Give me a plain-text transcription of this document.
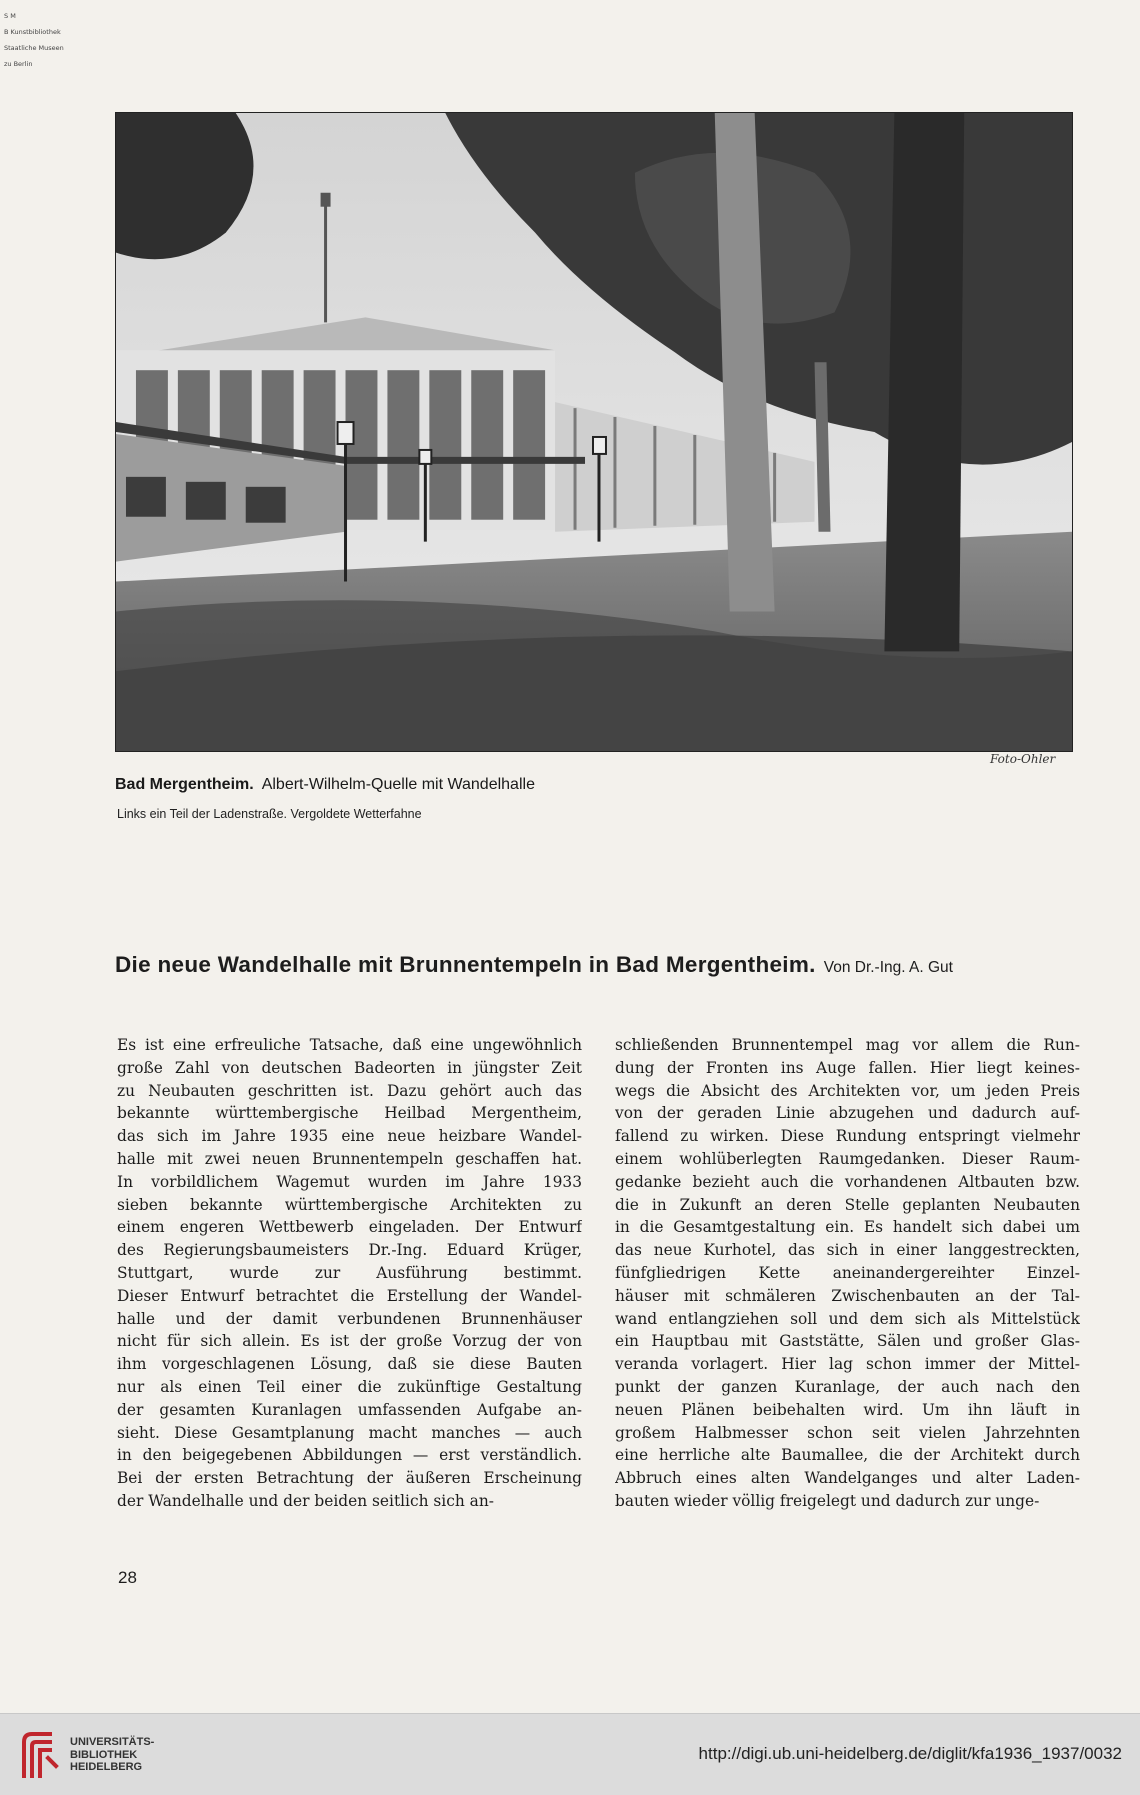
S M

B Kunstbibliothek

Staatliche Museen

zu Berlin

Foto-Ohler
Bad Mergentheim. Albert-Wilhelm-Quelle mit Wandelhalle
Links ein Teil der Ladenstraße. Vergoldete Wetterfahne
Die neue Wandelhalle mit Brunnentempeln in Bad Mergentheim. Von Dr.-Ing. A. Gut
Es ist eine erfreuliche Tatsache, daß eine ungewöhnlich
große Zahl von deutschen Badeorten in jüngster Zeit
zu Neubauten geschritten ist. Dazu gehört auch das
bekannte württembergische Heilbad Mergentheim,
das sich im Jahre 1935 eine neue heizbare Wandel-
halle mit zwei neuen Brunnentempeln geschaffen hat.
In vorbildlichem Wagemut wurden im Jahre 1933
sieben bekannte württembergische Architekten zu
einem engeren Wettbewerb eingeladen. Der Entwurf
des Regierungsbaumeisters Dr.-Ing. Eduard Krüger,
Stuttgart, wurde zur Ausführung bestimmt.
Dieser Entwurf betrachtet die Erstellung der Wandel-
halle und der damit verbundenen Brunnenhäuser
nicht für sich allein. Es ist der große Vorzug der von
ihm vorgeschlagenen Lösung, daß sie diese Bauten
nur als einen Teil einer die zukünftige Gestaltung
der gesamten Kuranlagen umfassenden Aufgabe an-
sieht. Diese Gesamtplanung macht manches — auch
in den beigegebenen Abbildungen — erst verständlich.
Bei der ersten Betrachtung der äußeren Erscheinung
der Wandelhalle und der beiden seitlich sich an-
schließenden Brunnentempel mag vor allem die Run-
dung der Fronten ins Auge fallen. Hier liegt keines-
wegs die Absicht des Architekten vor, um jeden Preis
von der geraden Linie abzugehen und dadurch auf-
fallend zu wirken. Diese Rundung entspringt vielmehr
einem wohlüberlegten Raumgedanken. Dieser Raum-
gedanke bezieht auch die vorhandenen Altbauten bzw.
die in Zukunft an deren Stelle geplanten Neubauten
in die Gesamtgestaltung ein. Es handelt sich dabei um
das neue Kurhotel, das sich in einer langgestreckten,
fünfgliedrigen Kette aneinandergereihter Einzel-
häuser mit schmäleren Zwischenbauten an der Tal-
wand entlangziehen soll und dem sich als Mittelstück
ein Hauptbau mit Gaststätte, Sälen und großer Glas-
veranda vorlagert. Hier lag schon immer der Mittel-
punkt der ganzen Kuranlage, der auch nach den
neuen Plänen beibehalten wird. Um ihn läuft in
großem Halbmesser schon seit vielen Jahrzehnten
eine herrliche alte Baumallee, die der Architekt durch
Abbruch eines alten Wandelganges und alter Laden-
bauten wieder völlig freigelegt und dadurch zur unge-
28
UNIVERSITÄTS-
BIBLIOTHEK
HEIDELBERG
http://digi.ub.uni-heidelberg.de/diglit/kfa1936_1937/0032
